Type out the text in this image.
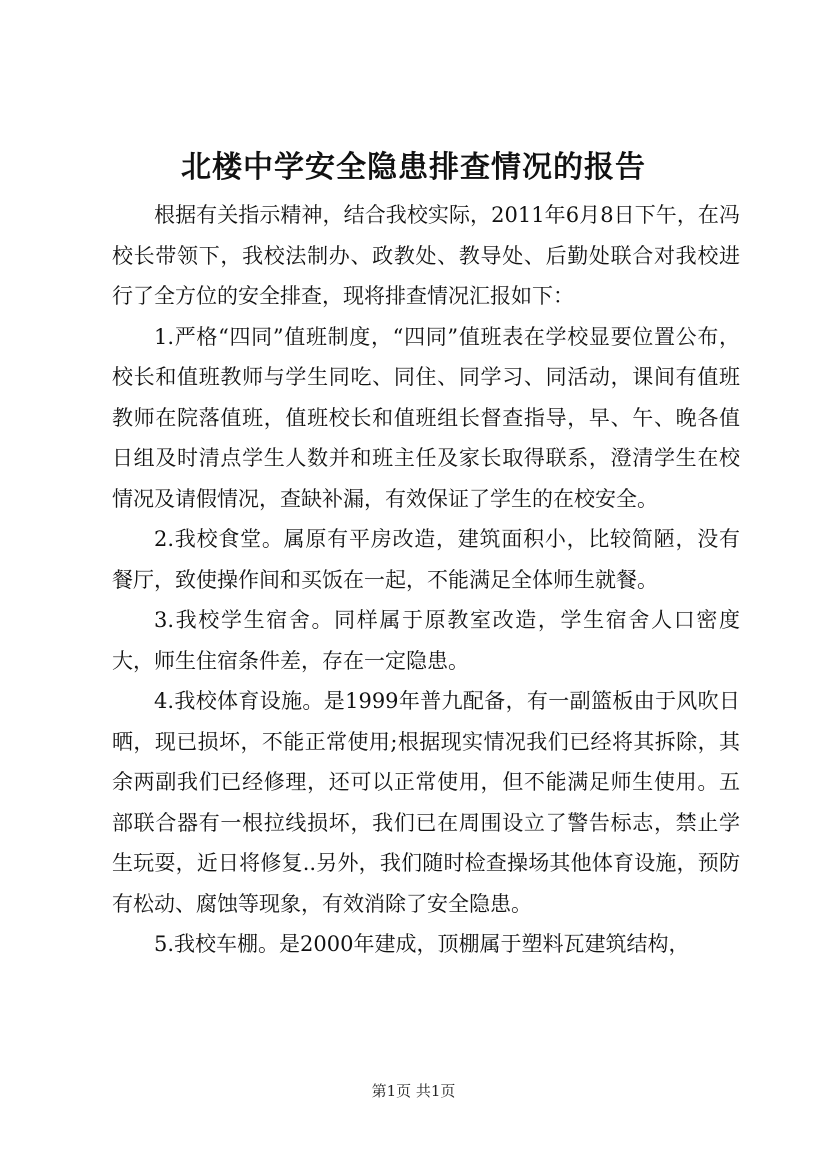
北楼中学安全隐患排查情况的报告

根据有关指示精神，结合我校实际，2011年6月8日下午，在冯校长带领下，我校法制办、政教处、教导处、后勤处联合对我校进行了全方位的安全排查，现将排查情况汇报如下：

1.严格“四同”值班制度，“四同”值班表在学校显要位置公布，校长和值班教师与学生同吃、同住、同学习、同活动，课间有值班教师在院落值班，值班校长和值班组长督查指导，早、午、晚各值日组及时清点学生人数并和班主任及家长取得联系，澄清学生在校情况及请假情况，查缺补漏，有效保证了学生的在校安全。

2.我校食堂。属原有平房改造，建筑面积小，比较简陋，没有餐厅，致使操作间和买饭在一起，不能满足全体师生就餐。

3.我校学生宿舍。同样属于原教室改造，学生宿舍人口密度大，师生住宿条件差，存在一定隐患。

4.我校体育设施。是1999年普九配备，有一副篮板由于风吹日晒，现已损坏，不能正常使用;根据现实情况我们已经将其拆除，其余两副我们已经修理，还可以正常使用，但不能满足师生使用。五部联合器有一根拉线损坏，我们已在周围设立了警告标志，禁止学生玩耍，近日将修复..另外，我们随时检查操场其他体育设施，预防有松动、腐蚀等现象，有效消除了安全隐患。

5.我校车棚。是2000年建成，顶棚属于塑料瓦建筑结构，

第1页 共1页
